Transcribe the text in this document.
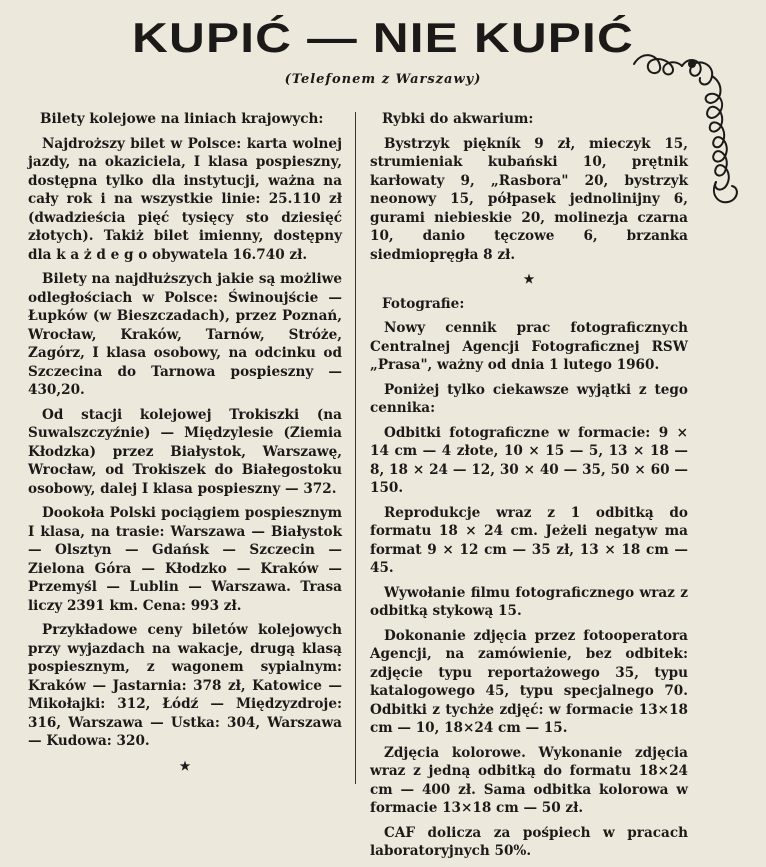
KUPIĆ — NIE KUPIĆ
(Telefonem z Warszawy)

Bilety kolejowe na liniach krajowych:

Najdroższy bilet w Polsce: karta wolnej jazdy, na okaziciela, I klasa pospieszny, dostępna tylko dla instytucji, ważna na cały rok i na wszystkie linie: 25.110 zł (dwadzieścia pięć tysięcy sto dziesięć złotych). Takiż bilet imienny, dostępny dla k a ż d e g o obywatela 16.740 zł.

Bilety na najdłuższych jakie są możliwe odległościach w Polsce: Świnoujście — Łupków (w Bieszczadach), przez Poznań, Wrocław, Kraków, Tarnów, Stróże, Zagórz, I klasa osobowy, na odcinku od Szczecina do Tarnowa pospieszny — 430,20.

Od stacji kolejowej Trokiszki (na Suwalszczyźnie) — Międzylesie (Ziemia Kłodzka) przez Białystok, Warszawę, Wrocław, od Trokiszek do Białegostoku osobowy, dalej I klasa pospieszny — 372.

Dookoła Polski pociągiem pospiesznym I klasa, na trasie: Warszawa — Białystok — Olsztyn — Gdańsk — Szczecin — Zielona Góra — Kłodzko — Kraków — Przemyśl — Lublin — Warszawa. Trasa liczy 2391 km. Cena: 993 zł.

Przykładowe ceny biletów kolejowych przy wyjazdach na wakacje, drugą klasą pospiesznym, z wagonem sypialnym: Kraków — Jastarnia: 378 zł, Katowice — Mikołajki: 312, Łódź — Międzyzdroje: 316, Warszawa — Ustka: 304, Warszawa — Kudowa: 320.

★

Rybki do akwarium:

Bystrzyk piękník 9 zł, mieczyk 15, strumieniak kubański 10, prętnik karłowaty 9, „Rasbora" 20, bystrzyk neonowy 15, półpasek jednolinijny 6, gurami niebieskie 20, molinezja czarna 10, danio tęczowe 6, brzanka siedmiopręgła 8 zł.

★

Fotografie:

Nowy cennik prac fotograficznych Centralnej Agencji Fotograficznej RSW „Prasa", ważny od dnia 1 lutego 1960.

Poniżej tylko ciekawsze wyjątki z tego cennika:

Odbitki fotograficzne w formacie: 9 × 14 cm — 4 złote, 10 × 15 — 5, 13 × 18 — 8, 18 × 24 — 12, 30 × 40 — 35, 50 × 60 — 150.

Reprodukcje wraz z 1 odbitką do formatu 18 × 24 cm. Jeżeli negatyw ma format 9 × 12 cm — 35 zł, 13 × 18 cm — 45.

Wywołanie filmu fotograficznego wraz z odbitką stykową 15.

Dokonanie zdjęcia przez fotooperatora Agencji, na zamówienie, bez odbitek: zdjęcie typu reportażowego 35, typu katalogowego 45, typu specjalnego 70. Odbitki z tychże zdjęć: w formacie 13×18 cm — 10, 18×24 cm — 15.

Zdjęcia kolorowe. Wykonanie zdjęcia wraz z jedną odbitką do formatu 18×24 cm — 400 zł. Sama odbitka kolorowa w formacie 13×18 cm — 50 zł.

CAF dolicza za pośpiech w pracach laboratoryjnych 50%.
